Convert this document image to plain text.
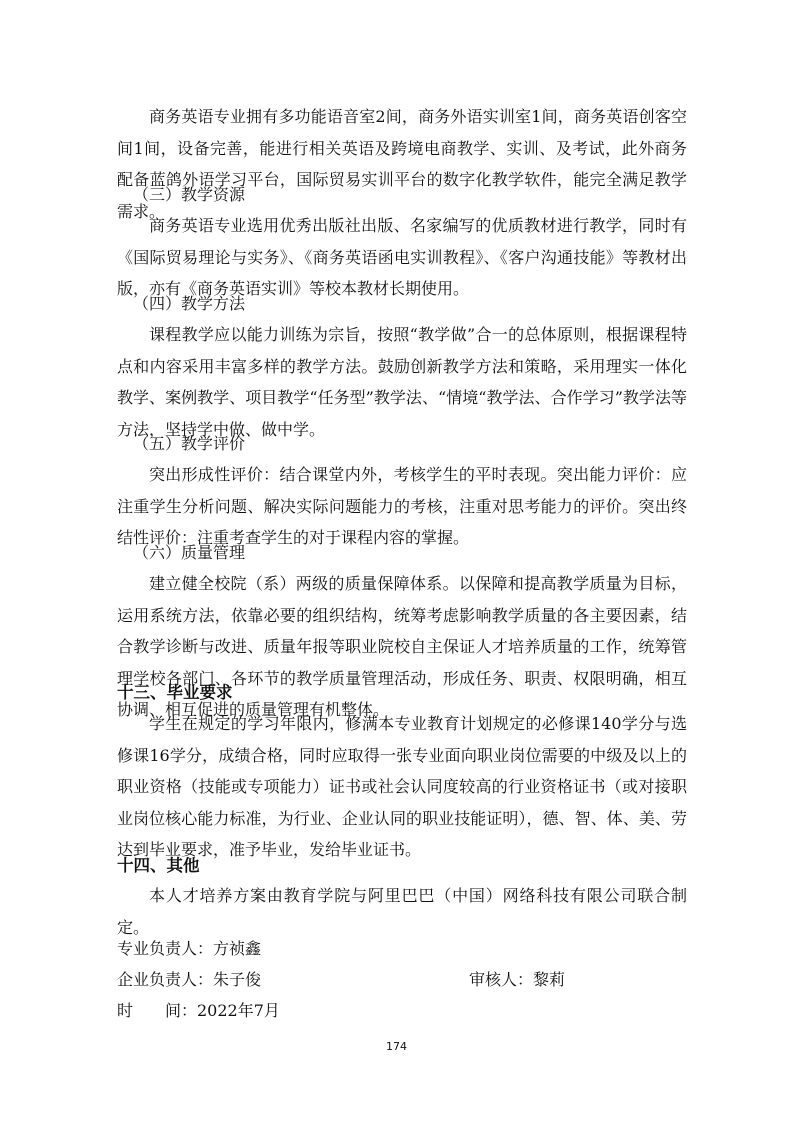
商务英语专业拥有多功能语音室2间，商务外语实训室1间，商务英语创客空间1间，设备完善，能进行相关英语及跨境电商教学、实训、及考试，此外商务配备蓝鸽外语学习平台，国际贸易实训平台的数字化教学软件，能完全满足教学需求。

（三）教学资源

商务英语专业选用优秀出版社出版、名家编写的优质教材进行教学，同时有《国际贸易理论与实务》、《商务英语函电实训教程》、《客户沟通技能》等教材出版，亦有《商务英语实训》等校本教材长期使用。

（四）教学方法

课程教学应以能力训练为宗旨，按照“教学做”合一的总体原则，根据课程特点和内容采用丰富多样的教学方法。鼓励创新教学方法和策略，采用理实一体化教学、案例教学、项目教学“任务型”教学法、“情境“教学法、合作学习”教学法等方法，坚持学中做、做中学。

（五）教学评价

突出形成性评价：结合课堂内外，考核学生的平时表现。突出能力评价：应注重学生分析问题、解决实际问题能力的考核，注重对思考能力的评价。突出终结性评价：注重考查学生的对于课程内容的掌握。

（六）质量管理

建立健全校院（系）两级的质量保障体系。以保障和提高教学质量为目标，运用系统方法，依靠必要的组织结构，统筹考虑影响教学质量的各主要因素，结合教学诊断与改进、质量年报等职业院校自主保证人才培养质量的工作，统筹管理学校各部门、各环节的教学质量管理活动，形成任务、职责、权限明确，相互协调、相互促进的质量管理有机整体。

十三、毕业要求

学生在规定的学习年限内，修满本专业教育计划规定的必修课140学分与选修课16学分，成绩合格，同时应取得一张专业面向职业岗位需要的中级及以上的职业资格（技能或专项能力）证书或社会认同度较高的行业资格证书（或对接职业岗位核心能力标准，为行业、企业认同的职业技能证明），德、智、体、美、劳达到毕业要求，准予毕业，发给毕业证书。

十四、其他

本人才培养方案由教育学院与阿里巴巴（中国）网络科技有限公司联合制定。

专业负责人：方祯鑫

企业负责人：朱子俊	审核人：黎莉

时　　间：2022年7月

174
